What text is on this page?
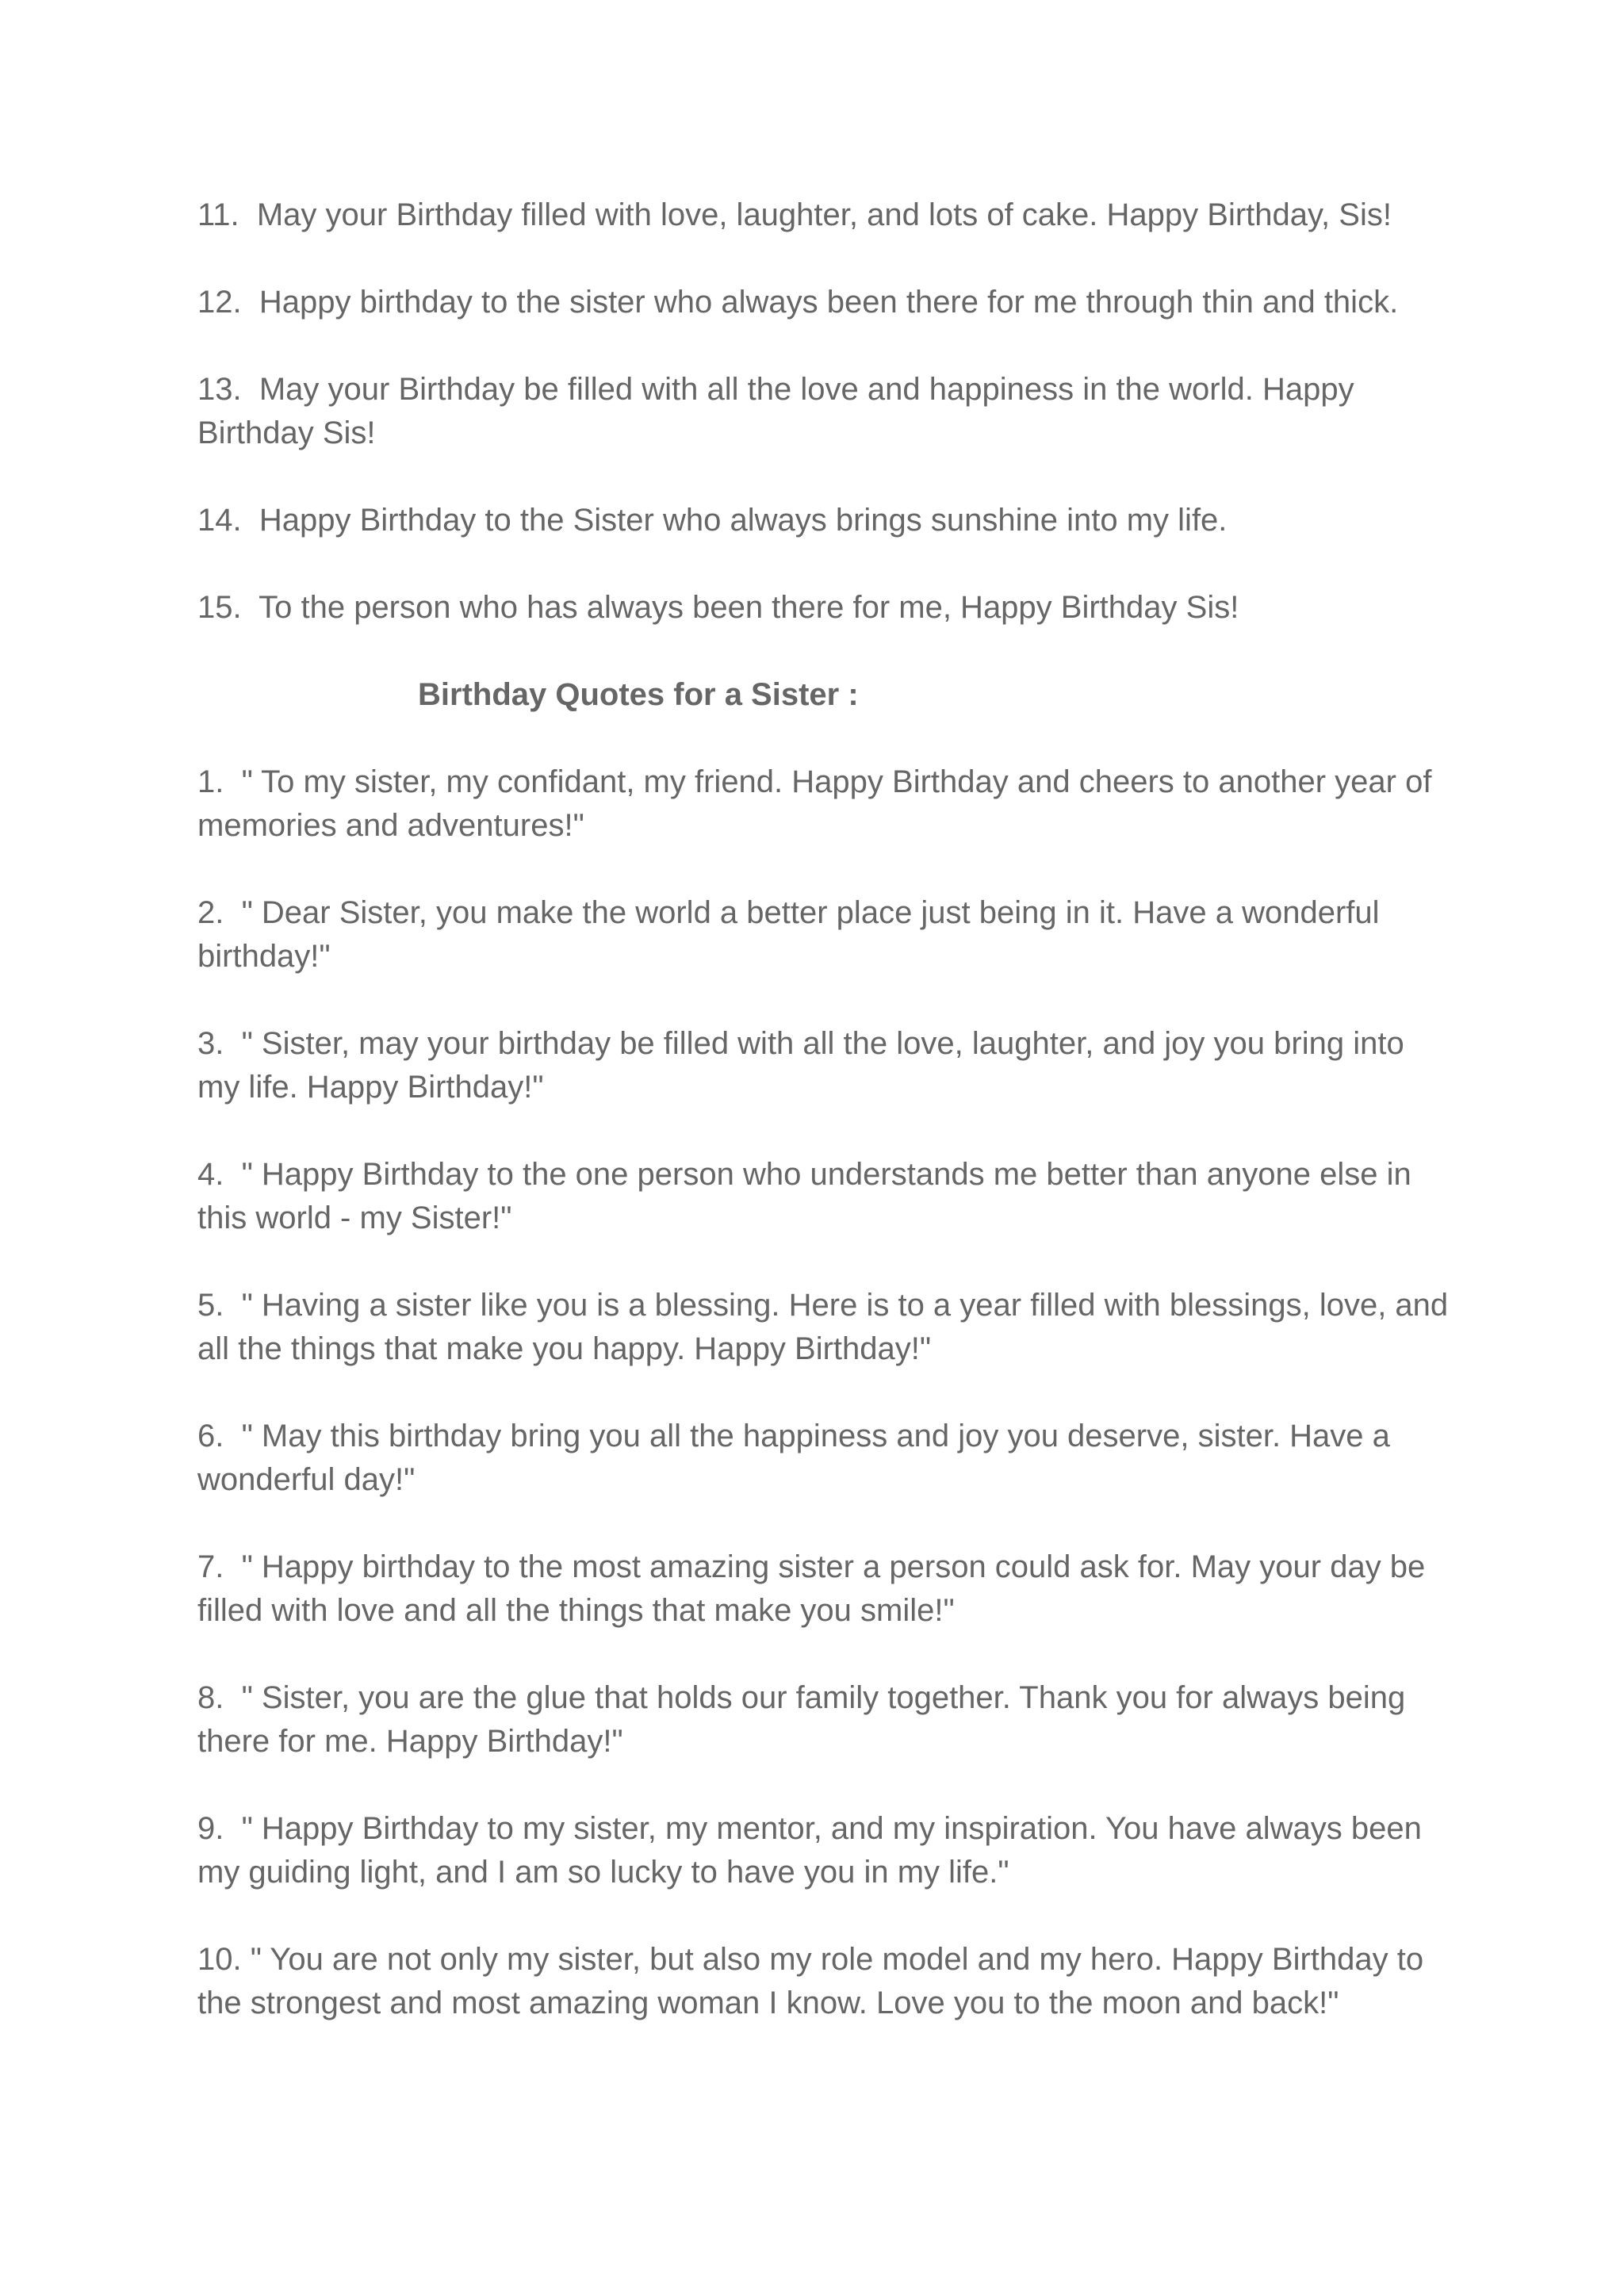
11.  May your Birthday filled with love, laughter, and lots of cake. Happy Birthday, Sis!

12.  Happy birthday to the sister who always been there for me through thin and thick.

13.  May your Birthday be filled with all the love and happiness in the world. Happy Birthday Sis!

14.  Happy Birthday to the Sister who always brings sunshine into my life.

15.  To the person who has always been there for me, Happy Birthday Sis!

Birthday Quotes for a Sister :

1.  " To my sister, my confidant, my friend. Happy Birthday and cheers to another year of memories and adventures!"

2.  " Dear Sister, you make the world a better place just being in it. Have a wonderful birthday!"

3.  " Sister, may your birthday be filled with all the love, laughter, and joy you bring into my life. Happy Birthday!"

4.  " Happy Birthday to the one person who understands me better than anyone else in this world - my Sister!"

5.  " Having a sister like you is a blessing. Here is to a year filled with blessings, love, and all the things that make you happy. Happy Birthday!"

6.  " May this birthday bring you all the happiness and joy you deserve, sister. Have a wonderful day!"

7.  " Happy birthday to the most amazing sister a person could ask for. May your day be filled with love and all the things that make you smile!"

8.  " Sister, you are the glue that holds our family together. Thank you for always being there for me. Happy Birthday!"

9.  " Happy Birthday to my sister, my mentor, and my inspiration. You have always been my guiding light, and I am so lucky to have you in my life."

10. " You are not only my sister, but also my role model and my hero. Happy Birthday to the strongest and most amazing woman I know. Love you to the moon and back!"
